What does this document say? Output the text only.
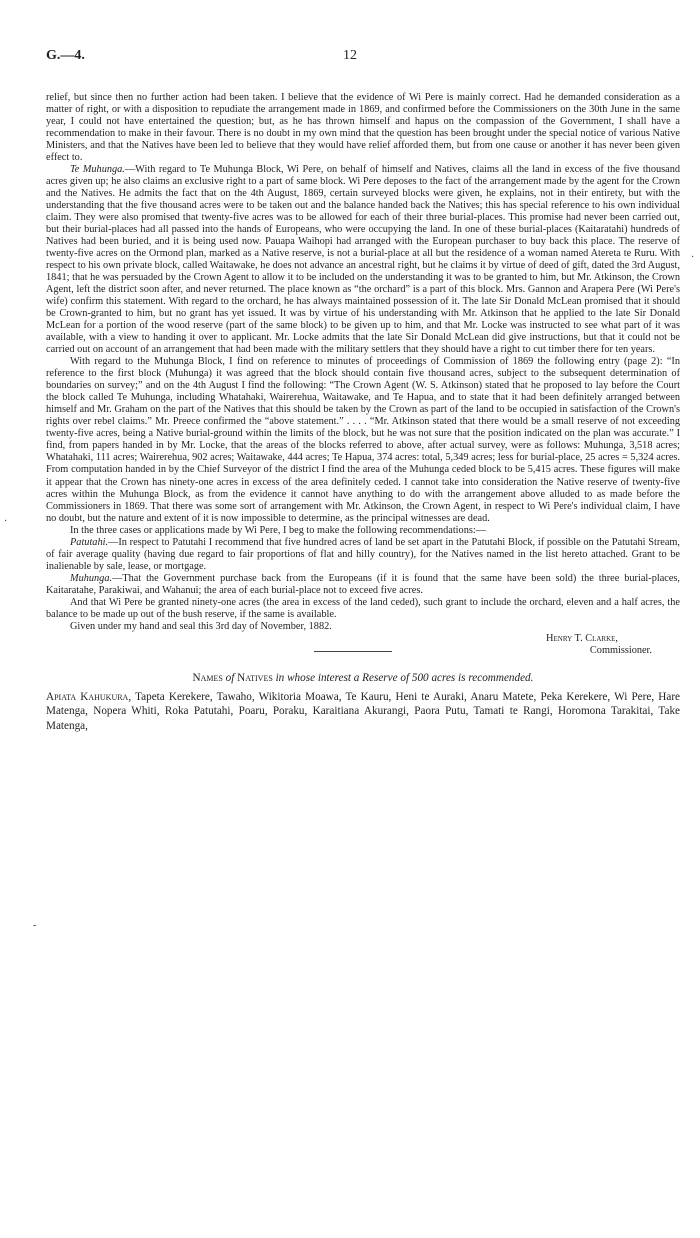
G.—4.	12
·
·
-

relief, but since then no further action had been taken. I believe that the evidence of Wi Pere is mainly correct. Had he demanded consideration as a matter of right, or with a disposition to repudiate the arrangement made in 1869, and confirmed before the Commissioners on the 30th June in the same year, I could not have entertained the question; but, as he has thrown himself and hapus on the compassion of the Government, I shall have a recommendation to make in their favour. There is no doubt in my own mind that the question has been brought under the special notice of various Native Ministers, and that the Natives have been led to believe that they would have relief afforded them, but from one cause or another it has never been given effect to.

Te Muhunga.—With regard to Te Muhunga Block, Wi Pere, on behalf of himself and Natives, claims all the land in excess of the five thousand acres given up; he also claims an exclusive right to a part of same block. Wi Pere deposes to the fact of the arrangement made by the agent for the Crown and the Natives. He admits the fact that on the 4th August, 1869, certain surveyed blocks were given, he explains, not in their entirety, but with the understanding that the five thousand acres were to be taken out and the balance handed back the Natives; this has special reference to his own individual claim. They were also promised that twenty-five acres was to be allowed for each of their three burial-places. This promise had never been carried out, but their burial-places had all passed into the hands of Europeans, who were occupying the land. In one of these burial-places (Kaitaratahi) hundreds of Natives had been buried, and it is being used now. Pauapa Waihopi had arranged with the European purchaser to buy back this place. The reserve of twenty-five acres on the Ormond plan, marked as a Native reserve, is not a burial-place at all but the residence of a woman named Atereta te Ruru. With respect to his own private block, called Waitawake, he does not advance an ancestral right, but he claims it by virtue of deed of gift, dated the 3rd August, 1841; that he was persuaded by the Crown Agent to allow it to be included on the understanding it was to be granted to him, but Mr. Atkinson, the Crown Agent, left the district soon after, and never returned. The place known as “the orchard” is a part of this block. Mrs. Gannon and Arapera Pere (Wi Pere's wife) confirm this statement. With regard to the orchard, he has always maintained possession of it. The late Sir Donald McLean promised that it should be Crown-granted to him, but no grant has yet issued. It was by virtue of his understanding with Mr. Atkinson that he applied to the late Sir Donald McLean for a portion of the wood reserve (part of the same block) to be given up to him, and that Mr. Locke was instructed to see what part of it was available, with a view to handing it over to applicant. Mr. Locke admits that the late Sir Donald McLean did give instructions, but that it could not be carried out on account of an arrangement that had been made with the military settlers that they should have a right to cut timber there for ten years.

With regard to the Muhunga Block, I find on reference to minutes of proceedings of Commission of 1869 the following entry (page 2): “In reference to the first block (Muhunga) it was agreed that the block should contain five thousand acres, subject to the subsequent determination of boundaries on survey;” and on the 4th August I find the following: “The Crown Agent (W. S. Atkinson) stated that he proposed to lay before the Court the block called Te Muhunga, including Whatahaki, Wairerehua, Waitawake, and Te Hapua, and to state that it had been definitely arranged between himself and Mr. Graham on the part of the Natives that this should be taken by the Crown as part of the land to be occupied in satisfaction of the Crown's rights over rebel claims.” Mr. Preece confirmed the “above statement.” . . . . “Mr. Atkinson stated that there would be a small reserve of not exceeding twenty-five acres, being a Native burial-ground within the limits of the block, but he was not sure that the position indicated on the plan was accurate.” I find, from papers handed in by Mr. Locke, that the areas of the blocks referred to above, after actual survey, were as follows: Muhunga, 3,518 acres; Whatahaki, 111 acres; Wairerehua, 902 acres; Waitawake, 444 acres; Te Hapua, 374 acres: total, 5,349 acres; less for burial-place, 25 acres = 5,324 acres. From computation handed in by the Chief Surveyor of the district I find the area of the Muhunga ceded block to be 5,415 acres. These figures will make it appear that the Crown has ninety-one acres in excess of the area definitely ceded. I cannot take into consideration the Native reserve of twenty-five acres within the Muhunga Block, as from the evidence it cannot have anything to do with the arrangement above alluded to as made before the Commissioners in 1869. That there was some sort of arrangement with Mr. Atkinson, the Crown Agent, in respect to Wi Pere's individual claim, I have no doubt, but the nature and extent of it is now impossible to determine, as the principal witnesses are dead.

In the three cases or applications made by Wi Pere, I beg to make the following recommendations:—

Patutahi.—In respect to Patutahi I recommend that five hundred acres of land be set apart in the Patutahi Block, if possible on the Patutahi Stream, of fair average quality (having due regard to fair proportions of flat and hilly country), for the Natives named in the list hereto attached. Grant to be inalienable by sale, lease, or mortgage.

Muhunga.—That the Government purchase back from the Europeans (if it is found that the same have been sold) the three burial-places, Kaitaratahe, Parakiwai, and Wahanui; the area of each burial-place not to exceed five acres.

And that Wi Pere be granted ninety-one acres (the area in excess of the land ceded), such grant to include the orchard, eleven and a half acres, the balance to be made up out of the bush reserve, if the same is available.

Given under my hand and seal this 3rd day of November, 1882.

Henry T. Clarke,

Commissioner.

Names of Natives in whose interest a Reserve of 500 acres is recommended.

Apiata Kahukura, Tapeta Kerekere, Tawaho, Wikitoria Moawa, Te Kauru, Heni te Auraki, Anaru Matete, Peka Kerekere, Wi Pere, Hare Matenga, Nopera Whiti, Roka Patutahi, Poaru, Poraku, Karaitiana Akurangi, Paora Putu, Tamati te Rangi, Horomona Tarakitai, Take Matenga,
